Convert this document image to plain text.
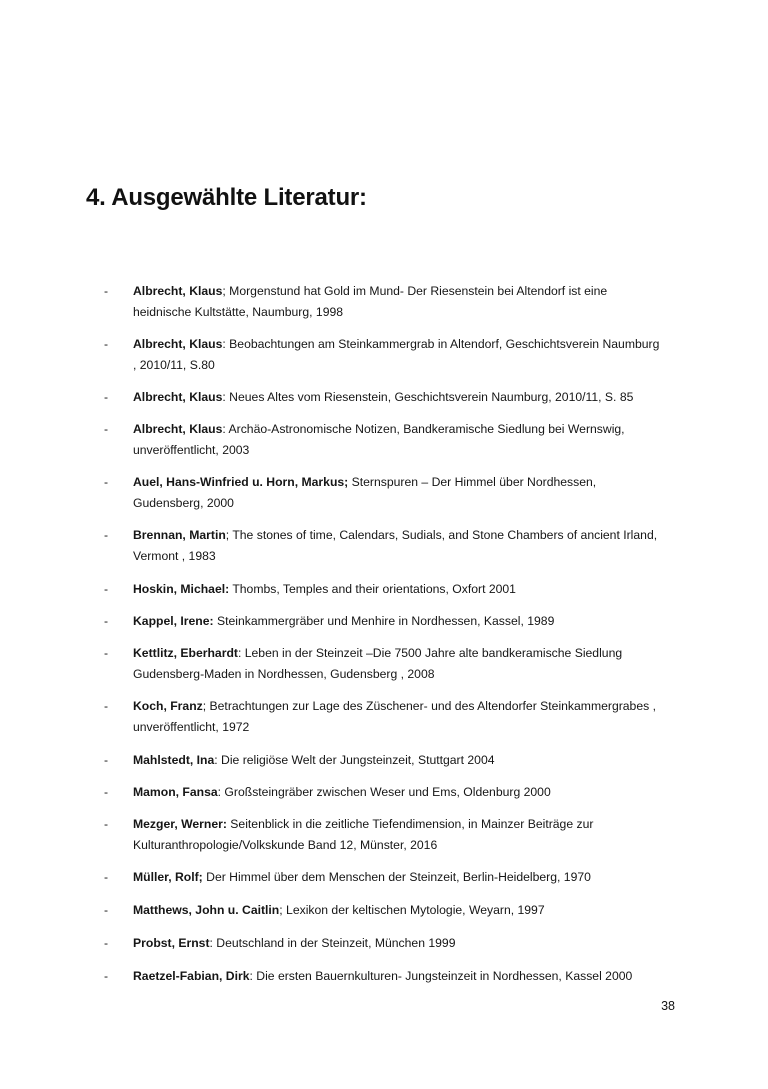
4. Ausgewählte Literatur:
- Albrecht, Klaus; Morgenstund hat Gold im Mund- Der Riesenstein bei Altendorf ist eine heidnische Kultstätte, Naumburg, 1998
- Albrecht, Klaus: Beobachtungen am Steinkammergrab in Altendorf, Geschichtsverein Naumburg , 2010/11, S.80
- Albrecht, Klaus: Neues Altes vom Riesenstein, Geschichtsverein Naumburg, 2010/11, S. 85
- Albrecht, Klaus: Archäo-Astronomische Notizen, Bandkeramische Siedlung bei Wernswig, unveröffentlicht, 2003
- Auel, Hans-Winfried u. Horn, Markus; Sternspuren – Der Himmel über Nordhessen, Gudensberg, 2000
- Brennan, Martin; The stones of time, Calendars, Sudials, and Stone Chambers of ancient Irland, Vermont , 1983
- Hoskin, Michael: Thombs, Temples and their orientations, Oxfort 2001
- Kappel, Irene: Steinkammergräber und Menhire in Nordhessen, Kassel, 1989
- Kettlitz, Eberhardt: Leben in der Steinzeit –Die 7500 Jahre alte bandkeramische Siedlung Gudensberg-Maden in Nordhessen, Gudensberg , 2008
- Koch, Franz; Betrachtungen zur Lage des Züschener- und des Altendorfer Steinkammergrabes , unveröffentlicht, 1972
- Mahlstedt, Ina: Die religiöse Welt der Jungsteinzeit, Stuttgart 2004
- Mamon, Fansa: Großsteingräber zwischen Weser und Ems, Oldenburg 2000
- Mezger, Werner: Seitenblick in die zeitliche Tiefendimension, in Mainzer Beiträge zur Kulturanthropologie/Volkskunde Band 12, Münster, 2016
- Müller, Rolf; Der Himmel über dem Menschen der Steinzeit, Berlin-Heidelberg, 1970
- Matthews, John u. Caitlin; Lexikon der keltischen Mytologie, Weyarn, 1997
- Probst, Ernst: Deutschland in der Steinzeit, München 1999
- Raetzel-Fabian, Dirk: Die ersten Bauernkulturen- Jungsteinzeit in Nordhessen, Kassel 2000
38
